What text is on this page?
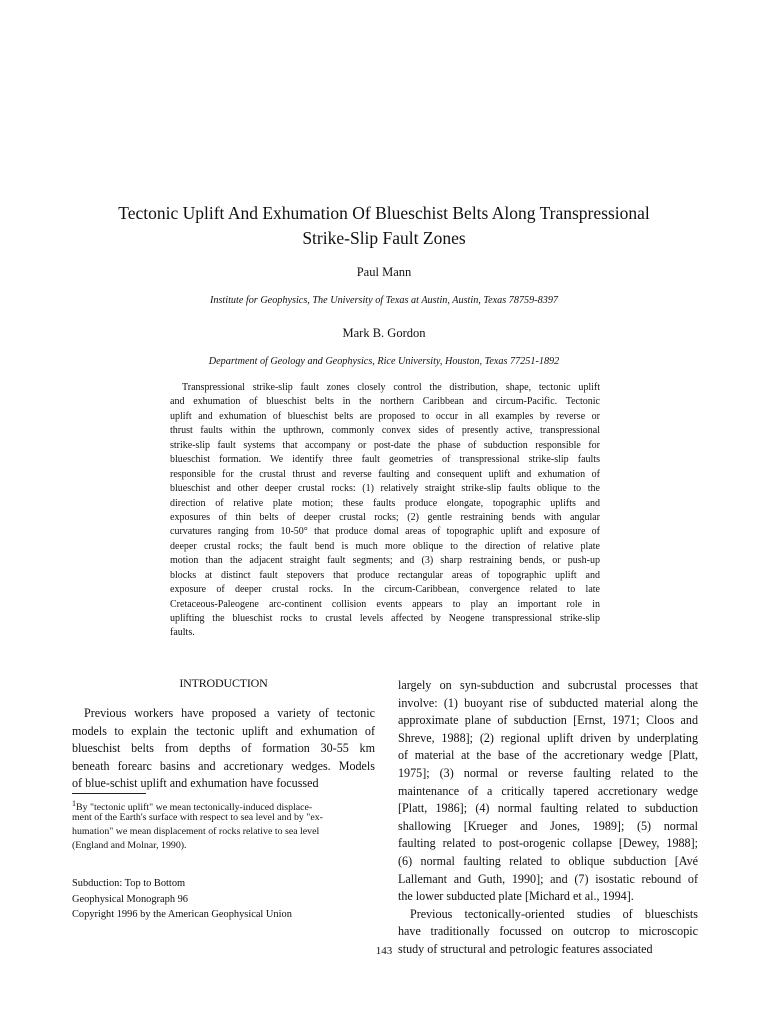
Tectonic Uplift And Exhumation Of Blueschist Belts Along Transpressional
Strike-Slip Fault Zones
Paul Mann
Institute for Geophysics, The University of Texas at Austin, Austin, Texas 78759-8397
Mark B. Gordon
Department of Geology and Geophysics, Rice University, Houston, Texas 77251-1892
Transpressional strike-slip fault zones closely control the distribution, shape, tectonic uplift
and exhumation of blueschist belts in the northern Caribbean and circum-Pacific. Tectonic
uplift and exhumation of blueschist belts are proposed to occur in all examples by reverse or
thrust faults within the upthrown, commonly convex sides of presently active, transpressional
strike-slip fault systems that accompany or post-date the phase of subduction responsible for
blueschist formation. We identify three fault geometries of transpressional strike-slip faults
responsible for the crustal thrust and reverse faulting and consequent uplift and exhumation of
blueschist and other deeper crustal rocks: (1) relatively straight strike-slip faults oblique to the
direction of relative plate motion; these faults produce elongate, topographic uplifts and
exposures of thin belts of deeper crustal rocks; (2) gentle restraining bends with angular
curvatures ranging from 10-50° that produce domal areas of topographic uplift and exposure of
deeper crustal rocks; the fault bend is much more oblique to the direction of relative plate
motion than the adjacent straight fault segments; and (3) sharp restraining bends, or push-up
blocks at distinct fault stepovers that produce rectangular areas of topographic uplift and
exposure of deeper crustal rocks. In the circum-Caribbean, convergence related to late
Cretaceous-Paleogene arc-continent collision events appears to play an important role in
uplifting the blueschist rocks to crustal levels affected by Neogene transpressional strike-slip
faults.
INTRODUCTION
Previous workers have proposed a variety of tectonic
models to explain the tectonic uplift and exhumation of
blueschist belts from depths of formation 30-55 km
beneath forearc basins and accretionary wedges. Models
of blue-schist uplift and exhumation have focussed
$^1$By "tectonic uplift" we mean tectonically-induced displace-
ment of the Earth's surface with respect to sea level and by "ex-
humation" we mean displacement of rocks relative to sea level
(England and Molnar, 1990).
Subduction: Top to Bottom
Geophysical Monograph 96
Copyright 1996 by the American Geophysical Union
largely on syn-subduction and subcrustal processes that
involve: (1) buoyant rise of subducted material along the
approximate plane of subduction [Ernst, 1971; Cloos and
Shreve, 1988]; (2) regional uplift driven by underplating
of material at the base of the accretionary wedge [Platt,
1975]; (3) normal or reverse faulting related to the
maintenance of a critically tapered accretionary wedge
[Platt, 1986]; (4) normal faulting related to subduction
shallowing [Krueger and Jones, 1989]; (5) normal
faulting related to post-orogenic collapse [Dewey, 1988];
(6) normal faulting related to oblique subduction [Avé
Lallemant and Guth, 1990]; and (7) isostatic rebound of
the lower subducted plate [Michard et al., 1994].
Previous tectonically-oriented studies of blueschists
have traditionally focussed on outcrop to microscopic
study of structural and petrologic features associated
143
